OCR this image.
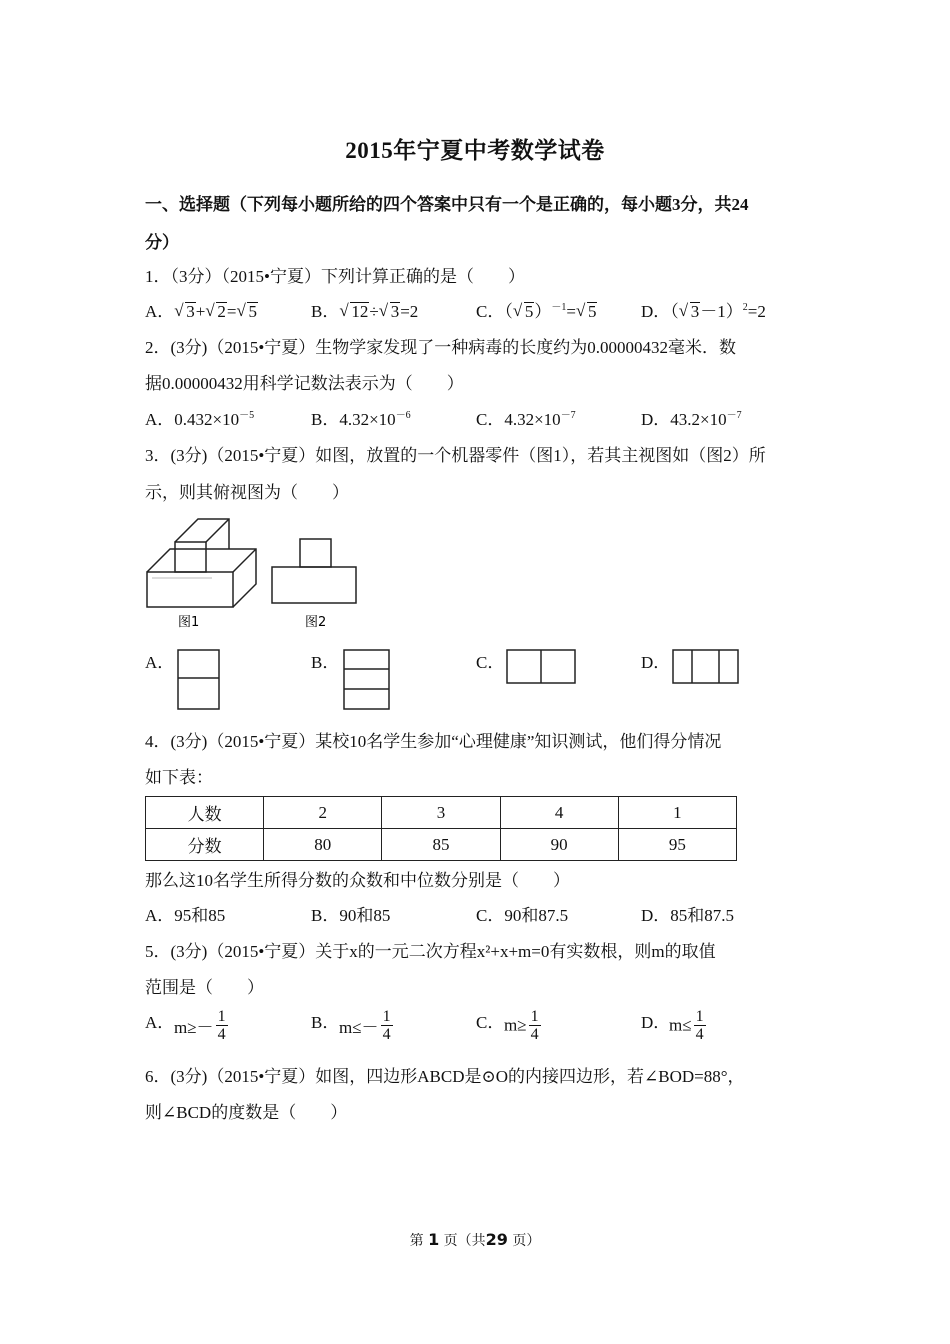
2015年宁夏中考数学试卷
一、选择题（下列每小题所给的四个答案中只有一个是正确的，每小题3分，共24
分）
1．（3分）（2015•宁夏）下列计算正确的是（　　）
A． √ 3+ √ 2= √ 5	B． √ 12÷ √ 3=2	C．（ √ 5）$^{-1}$= √ 5	D．（ √ 3－1）$^2$=2
2．(3分)（2015•宁夏）生物学家发现了一种病毒的长度约为0.00000432毫米．数
据0.00000432用科学记数法表示为（　　）
A．$0.432\times 10^{-5}$	B．$4.32\times 10^{-6}$	C．$4.32\times 10^{-7}$	D．$43.2\times 10^{-7}$
3．(3分)（2015•宁夏）如图，放置的一个机器零件（图1），若其主视图如（图2）所
示，则其俯视图为（　　）
图1	图2
A．	B．	C．	D．
4．(3分)（2015•宁夏）某校10名学生参加“心理健康”知识测试，他们得分情况
如下表：
人数	2	3	4	1
分数	80	85	90	95
那么这10名学生所得分数的众数和中位数分别是（　　）
A．95和85	B．90和85	C．90和87.5	D．85和87.5
5．(3分)（2015•宁夏）关于x的一元二次方程x²+x+m=0有实数根，则m的取值
范围是（　　）
A． $m\ge- \frac{1}{4}$	B． $m\le- \frac{1}{4}$	C． $m\ge \frac{1}{4}$	D．
$m\le \frac{1}{4}$
6．(3分)（2015•宁夏）如图，四边形ABCD是⊙O的内接四边形，若∠BOD=88°，
则∠BCD的度数是（　　）
第 1 页（共29 页）
